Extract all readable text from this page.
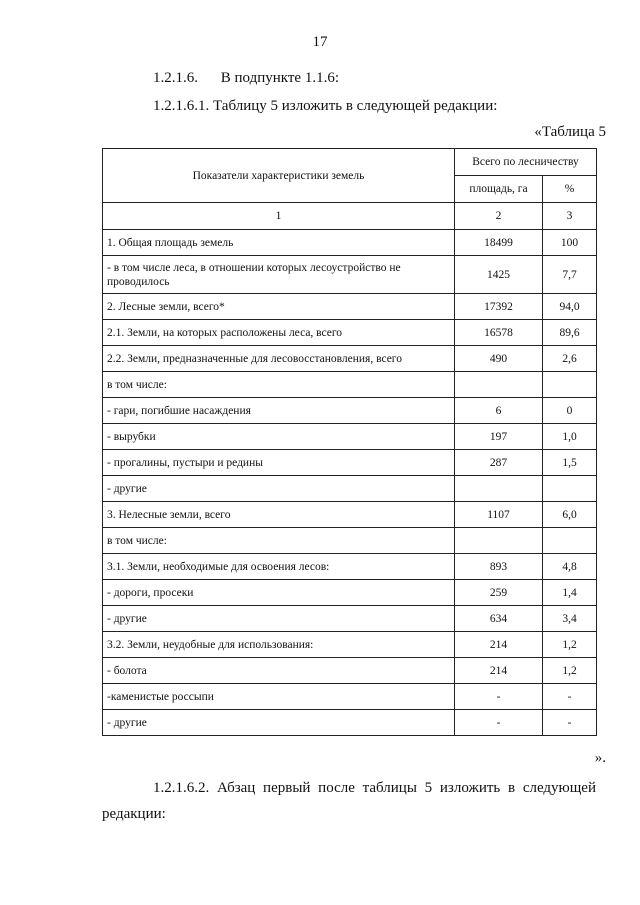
17
1.2.1.6. В подпункте 1.1.6:
1.2.1.6.1. Таблицу 5 изложить в следующей редакции:
«Таблица 5
Показатели характеристики земель	Всего по лесничеству	
	площадь, га	%
1	2	3
1. Общая площадь земель	18499	100
- в том числе леса, в отношении которых лесоустройство не проводилось	1425	7,7
2. Лесные земли, всего*	17392	94,0
2.1. Земли, на которых расположены леса, всего	16578	89,6
2.2. Земли, предназначенные для лесовосстановления, всего	490	2,6
в том числе:		
- гари, погибшие насаждения	6	0
- вырубки	197	1,0
- прогалины, пустыри и редины	287	1,5
- другие		
3. Нелесные земли, всего	1107	6,0
в том числе:		
3.1. Земли, необходимые для освоения лесов:	893	4,8
- дороги, просеки	259	1,4
- другие	634	3,4
3.2. Земли, неудобные для использования:	214	1,2
- болота	214	1,2
-каменистые россыпи	-	-
- другие	-	-
».
1.2.1.6.2. Абзац первый после таблицы 5 изложить в следующей
редакции:
